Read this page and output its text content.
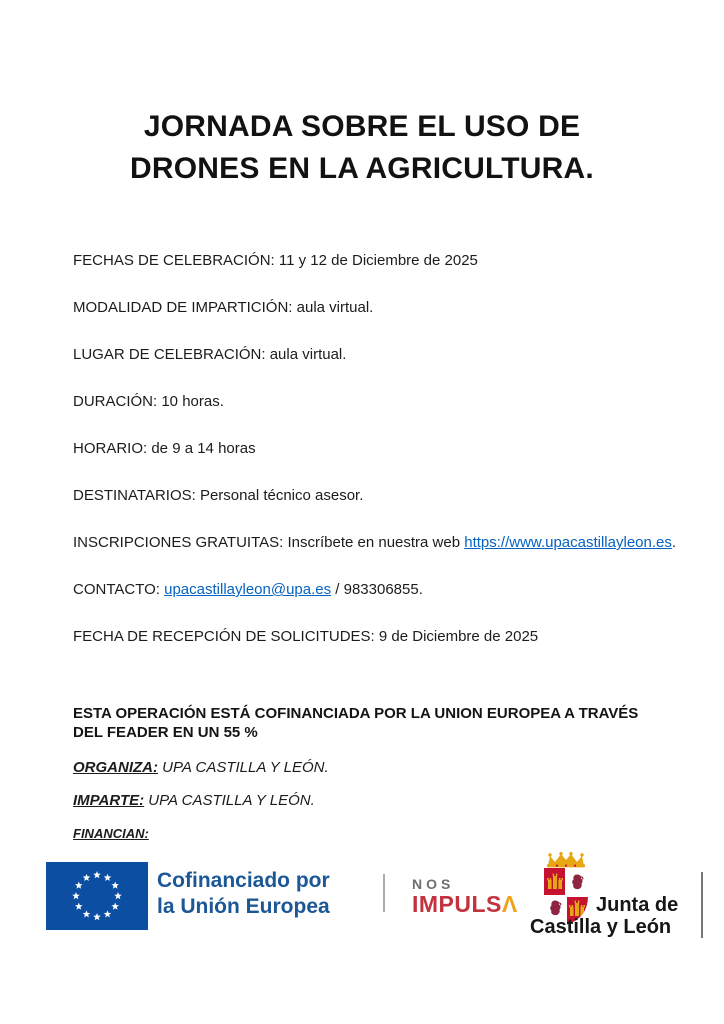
JORNADA SOBRE EL USO DE
DRONES EN LA AGRICULTURA.
FECHAS DE CELEBRACIÓN: 11 y 12 de Diciembre de 2025
MODALIDAD DE IMPARTICIÓN: aula virtual.
LUGAR DE CELEBRACIÓN: aula virtual.
DURACIÓN: 10 horas.
HORARIO: de 9 a 14 horas
DESTINATARIOS: Personal técnico asesor.
INSCRIPCIONES GRATUITAS: Inscríbete en nuestra web https://www.upacastillayleon.es.
CONTACTO: upacastillayleon@upa.es / 983306855.
FECHA DE RECEPCIÓN DE SOLICITUDES: 9 de Diciembre de 2025
ESTA OPERACIÓN ESTÁ COFINANCIADA POR LA UNION EUROPEA A TRAVÉS DEL FEADER EN UN 55 %
ORGANIZA: UPA CASTILLA Y LEÓN.
IMPARTE: UPA CASTILLA Y LEÓN.
FINANCIAN:
Cofinanciado por
la Unión Europea
NOS
IMPULSΛ	Junta de
Castilla y León
